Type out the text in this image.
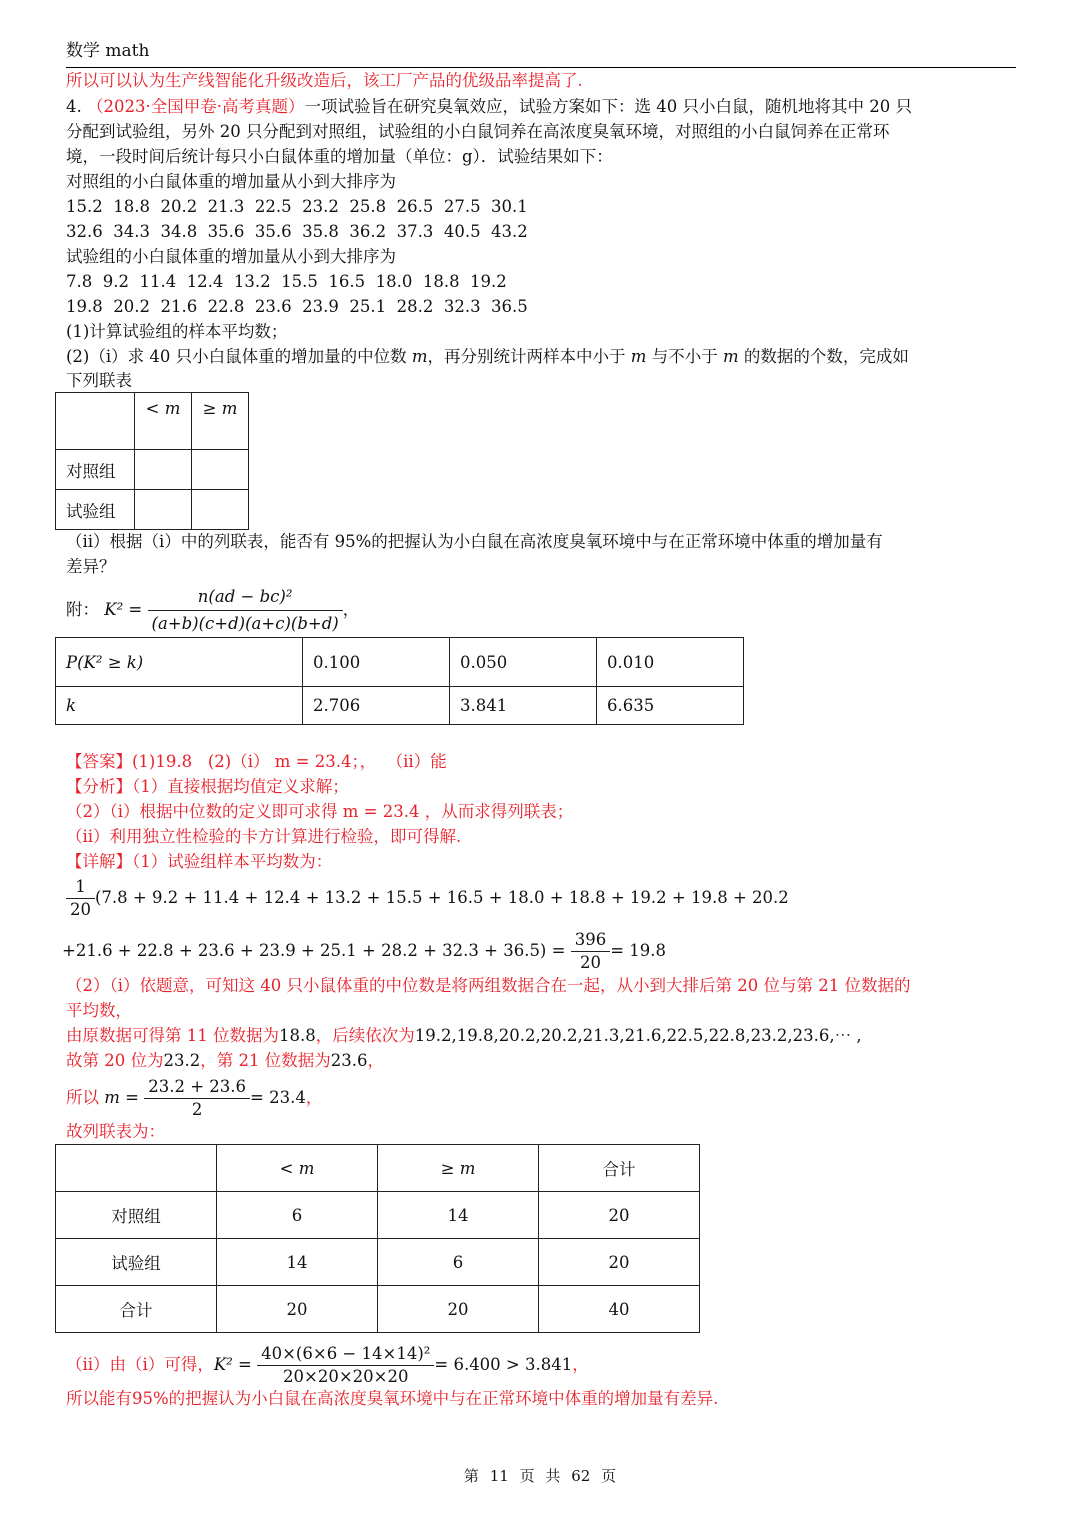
数学 math
所以可以认为生产线智能化升级改造后，该工厂产品的优级品率提高了.
4. （2023·全国甲卷·高考真题）一项试验旨在研究臭氧效应，试验方案如下：选 40 只小白鼠，随机地将其中 20 只
分配到试验组，另外 20 只分配到对照组，试验组的小白鼠饲养在高浓度臭氧环境，对照组的小白鼠饲养在正常环
境，一段时间后统计每只小白鼠体重的增加量（单位：g）．试验结果如下：
对照组的小白鼠体重的增加量从小到大排序为
15.2  18.8  20.2  21.3  22.5  23.2  25.8  26.5  27.5  30.1
32.6  34.3  34.8  35.6  35.6  35.8  36.2  37.3  40.5  43.2
试验组的小白鼠体重的增加量从小到大排序为
7.8  9.2  11.4  12.4  13.2  15.5  16.5  18.0  18.8  19.2
19.8  20.2  21.6  22.8  23.6  23.9  25.1  28.2  32.3  36.5
(1)计算试验组的样本平均数；
(2)（ⅰ）求 40 只小白鼠体重的增加量的中位数 m，再分别统计两样本中小于 m 与不小于 m 的数据的个数，完成如
下列联表
	< m	≥ m
对照组		
试验组		
（ⅱ）根据（ⅰ）中的列联表，能否有 95%的把握认为小白鼠在高浓度臭氧环境中与在正常环境中体重的增加量有
差异？
附： $K^2 = \frac{\text{n(ad − bc)²}}{(a+b)(c+d)(a+c)(b+d)}$ ，
P(K² ≥ k)	0.100	0.050	0.010
k	2.706	3.841	6.635
【答案】(1)19.8   (2)（ⅰ） m = 23.4；，  （ⅱ）能
【分析】（1）直接根据均值定义求解；
（2）（ⅰ）根据中位数的定义即可求得 m = 23.4 ，从而求得列联表；
（ⅱ）利用独立性检验的卡方计算进行检验，即可得解.
【详解】（1）试验组样本平均数为：
$\frac{1}{20} (7.8 + 9.2 + 11.4 + 12.4 + 13.2 + 15.5 + 16.5 + 18.0 + 18.8 + 19.2 + 19.8 + 20.2$
$+21.6 + 22.8 + 23.6 + 23.9 + 25.1 + 28.2 + 32.3 + 36.5) = \frac{396}{20} = 19.8$
（2）（ⅰ）依题意，可知这 40 只小鼠体重的中位数是将两组数据合在一起，从小到大排后第 20 位与第 21 位数据的
平均数，
由原数据可得第 11 位数据为18.8，后续依次为19.2,19.8,20.2,20.2,21.3,21.6,22.5,22.8,23.2,23.6,⋯ ,
故第 20 位为23.2，第 21 位数据为23.6，
所以 $m = \frac{23.2 + 23.6}{2} = 23.4$，
故列联表为：
	< m	≥ m	合计
对照组	6	14	20
试验组	14	6	20
合计	20	20	40
（ⅱ）由（ⅰ）可得，$K^2 = \frac{\text{40×(6×6 − 14×14)²}}{20\times 20\times 20\times 20} = 6.400 > 3.841$，
所以能有95%的把握认为小白鼠在高浓度臭氧环境中与在正常环境中体重的增加量有差异.
第 11 页 共 62 页
